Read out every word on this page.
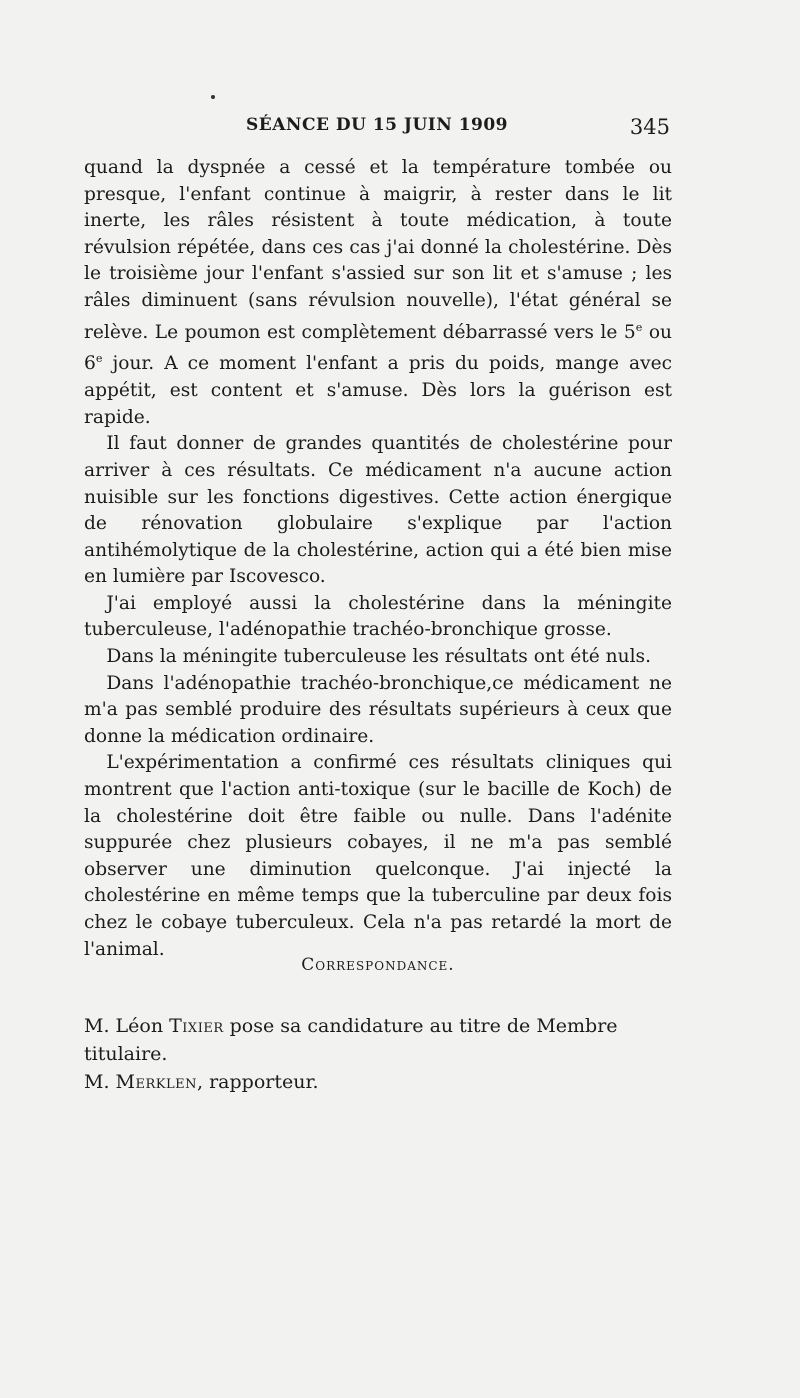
SÉANCE DU 15 JUIN 1909	345

quand la dyspnée a cessé et la température tombée ou presque, l'enfant continue à maigrir, à rester dans le lit inerte, les râles résistent à toute médication, à toute révulsion répétée, dans ces cas j'ai donné la cholestérine. Dès le troisième jour l'enfant s'assied sur son lit et s'amuse ; les râles diminuent (sans révulsion nouvelle), l'état général se relève. Le poumon est complètement débarrassé vers le 5e ou 6e jour. A ce moment l'enfant a pris du poids, mange avec appétit, est content et s'amuse. Dès lors la guérison est rapide.

Il faut donner de grandes quantités de cholestérine pour arriver à ces résultats. Ce médicament n'a aucune action nuisible sur les fonctions digestives. Cette action énergique de rénovation globulaire s'explique par l'action antihémolytique de la cholestérine, action qui a été bien mise en lumière par Iscovesco.

J'ai employé aussi la cholestérine dans la méningite tuberculeuse, l'adénopathie trachéo-bronchique grosse.

Dans la méningite tuberculeuse les résultats ont été nuls.

Dans l'adénopathie trachéo-bronchique,ce médicament ne m'a pas semblé produire des résultats supérieurs à ceux que donne la médication ordinaire.

L'expérimentation a confirmé ces résultats cliniques qui montrent que l'action anti-toxique (sur le bacille de Koch) de la cholestérine doit être faible ou nulle. Dans l'adénite suppurée chez plusieurs cobayes, il ne m'a pas semblé observer une diminution quelconque. J'ai injecté la cholestérine en même temps que la tuberculine par deux fois chez le cobaye tuberculeux. Cela n'a pas retardé la mort de l'animal.

Correspondance.

M. Léon Tixier pose sa candidature au titre de Membre titulaire.

M. Merklen, rapporteur.
